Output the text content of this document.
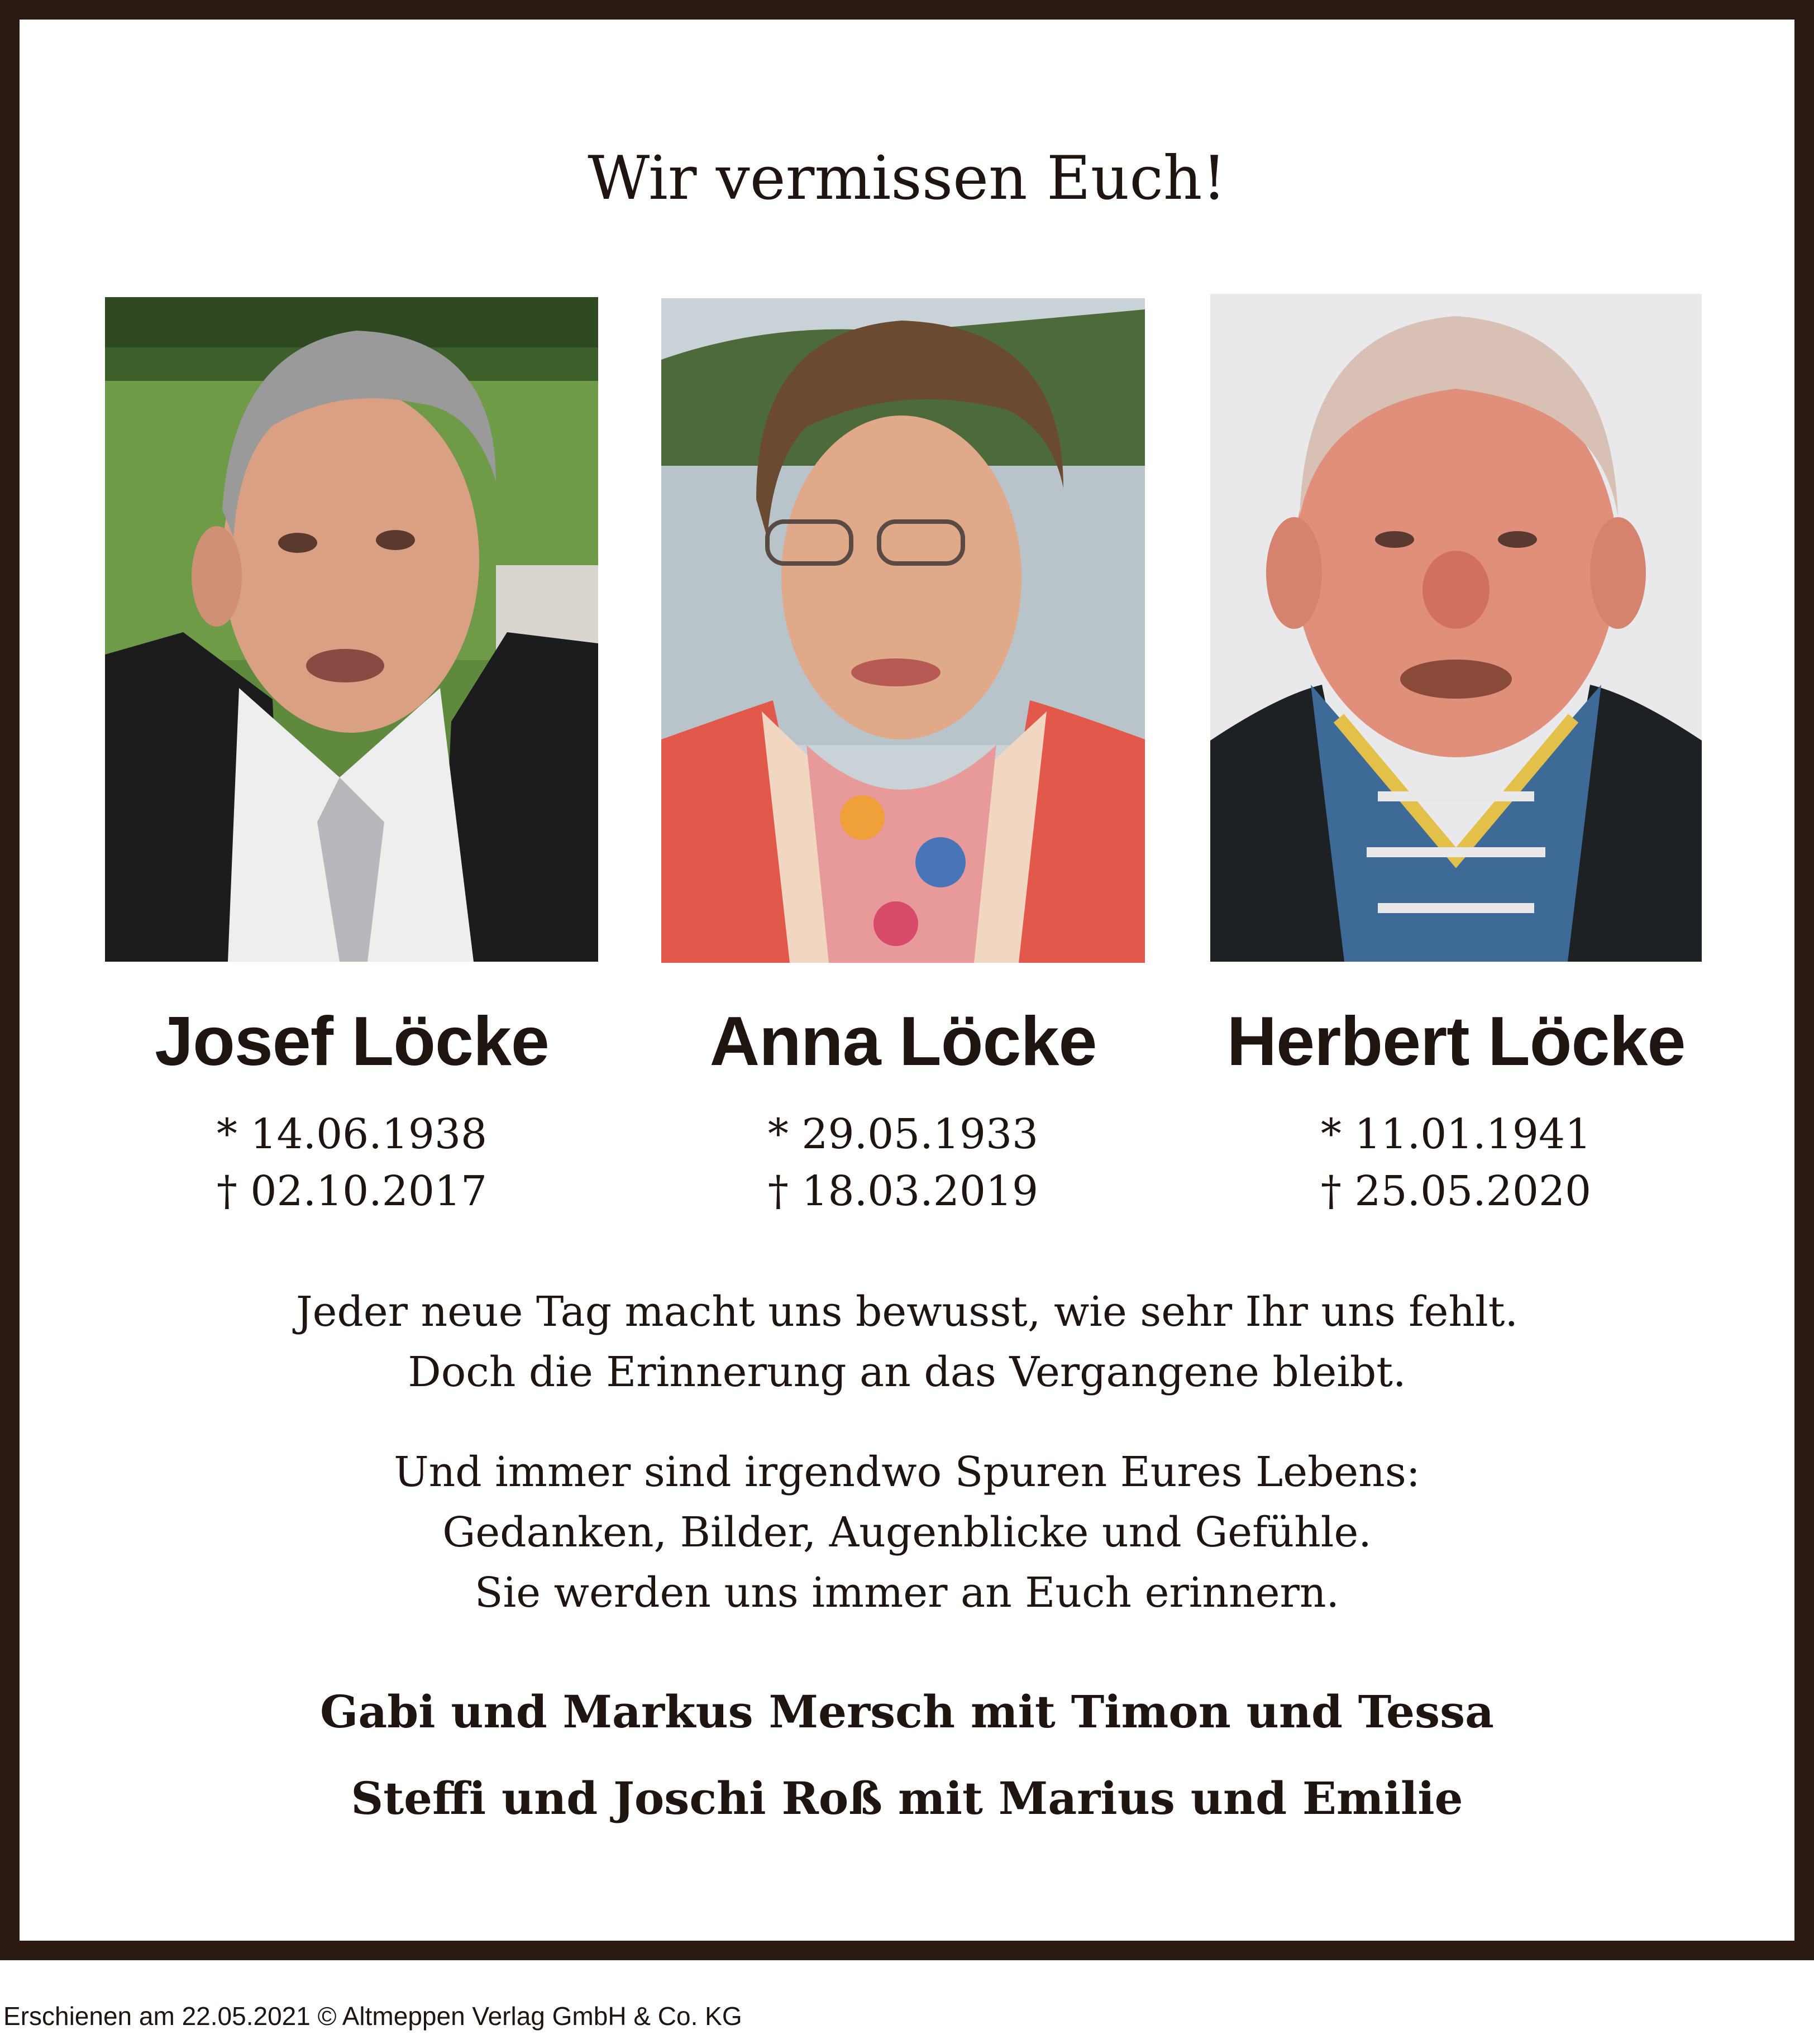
Wir vermissen Euch!
Josef Löcke
* 14.06.1938
† 02.10.2017
Anna Löcke
* 29.05.1933
† 18.03.2019
Herbert Löcke
* 11.01.1941
† 25.05.2020
Jeder neue Tag macht uns bewusst, wie sehr Ihr uns fehlt.
Doch die Erinnerung an das Vergangene bleibt.
Und immer sind irgendwo Spuren Eures Lebens:
Gedanken, Bilder, Augenblicke und Gefühle.
Sie werden uns immer an Euch erinnern.
Gabi und Markus Mersch mit Timon und Tessa
Steffi und Joschi Roß mit Marius und Emilie
Erschienen am 22.05.2021 © Altmeppen Verlag GmbH & Co. KG
